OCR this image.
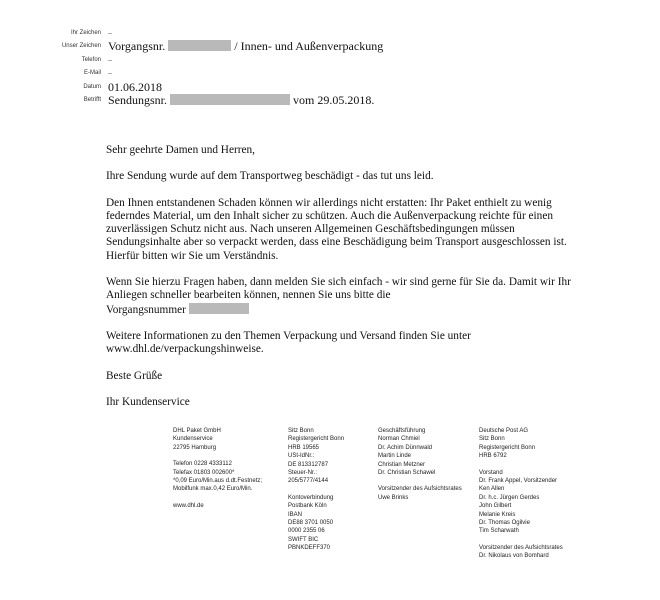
Ihr Zeichen –
Unser Zeichen Vorgangsnr.	/ Innen- und Außenverpackung
Telefon –
E-Mail –
Datum 01.06.2018
Betrifft Sendungsnr.	vom 29.05.2018.

Sehr geehrte Damen und Herren,

Ihre Sendung wurde auf dem Transportweg beschädigt - das tut uns leid.

Den Ihnen entstandenen Schaden können wir allerdings nicht erstatten: Ihr Paket enthielt zu wenig federndes Material, um den Inhalt sicher zu schützen. Auch die Außenverpackung reichte für einen zuverlässigen Schutz nicht aus. Nach unseren Allgemeinen Geschäftsbedingungen müssen Sendungsinhalte aber so verpackt werden, dass eine Beschädigung beim Transport ausgeschlossen ist. Hierfür bitten wir Sie um Verständnis.

Wenn Sie hierzu Fragen haben, dann melden Sie sich einfach - wir sind gerne für Sie da. Damit wir Ihr Anliegen schneller bearbeiten können, nennen Sie uns bitte die
Vorgangsnummer

Weitere Informationen zu den Themen Verpackung und Versand finden Sie unter www.dhl.de/verpackungshinweise.

Beste Grüße

Ihr Kundenservice

DHL Paket GmbH
Kundenservice
22795 Hamburg
Telefon 0228 4333112
Telefax 01803 002600*
*0,09 Euro/Min.aus d.dt.Festnetz;
Mobilfunk max.0,42 Euro/Min.
www.dhl.de
Sitz Bonn
Registergericht Bonn
HRB 19565
USt-IdNr.:
DE 813312787
Steuer-Nr.:
205/5777/4144
Kontoverbindung
Postbank Köln
IBAN
DE88 3701 0050
0000 2355 06
SWIFT BIC
PBNKDEFF370
Geschäftsführung
Norman Chmiel
Dr. Achim Dünnwald
Martin Linde
Christian Metzner
Dr. Christian Schawel
Vorsitzender des Aufsichtsrates
Uwe Brinks
Deutsche Post AG
Sitz Bonn
Registergericht Bonn
HRB 6792
Vorstand
Dr. Frank Appel, Vorsitzender
Ken Allen
Dr. h.c. Jürgen Gerdes
John Gilbert
Melanie Kreis
Dr. Thomas Ogilvie
Tim Scharwath
Vorsitzender des Aufsichtsrates
Dr. Nikolaus von Bomhard
